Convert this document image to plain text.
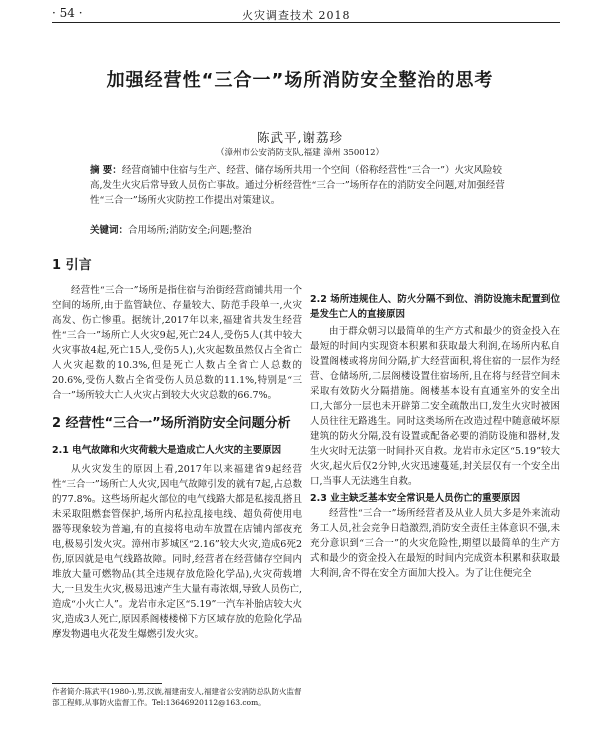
· 54 ·	火灾调查技术 2018
加强经营性“三合一”场所消防安全整治的思考
陈武平,谢荔珍
（漳州市公安消防支队,福建 漳州 350012）
摘 要：经营商铺中住宿与生产、经营、储存场所共用一个空间（俗称经营性“三合一”）火灾风险较高,发生火灾后常导致人员伤亡事故。通过分析经营性“三合一”场所存在的消防安全问题,对加强经营性“三合一”场所火灾防控工作提出对策建议。
关键词：合用场所;消防安全;问题;整治
1 引言

经营性“三合一”场所是指住宿与治街经营商铺共用一个空间的场所,由于监管缺位、存量较大、防范手段单一,火灾高发、伤亡惨重。据统计,2017年以来,福建省共发生经营性“三合一”场所亡人火灾9起,死亡24人,受伤5人(其中较大火灾事故4起,死亡15人,受伤5人),火灾起数虽然仅占全省亡人火灾起数的10.3%,但是死亡人数占全省亡人总数的20.6%,受伤人数占全省受伤人员总数的11.1%,特别是“三合一”场所较大亡人火灾占到较大火灾总数的66.7%。

2 经营性“三合一”场所消防安全问题分析
2.1 电气故障和火灾荷载大是造成亡人火灾的主要原因

从火灾发生的原因上看,2017年以来福建省9起经营性“三合一”场所亡人火灾,因电气故障引发的就有7起,占总数的77.8%。这些场所起火部位的电气线路大都是私接乱搭且未采取阻燃套管保护,场所内私拉乱接电线、超负荷使用电器等现象较为普遍,有的直接将电动车放置在店铺内部夜充电,极易引发火灾。漳州市芗城区“2.16”较大火灾,造成6死2伤,原因就是电气线路故障。同时,经营者在经营储存空间内堆放大量可燃物品(其全违规存放危险化学品),火灾荷载增大,一旦发生火灾,极易迅速产生大量有毒浓烟,导致人员伤亡,造成“小火亡人”。龙岩市永定区“5.19”一汽车补胎店较大火灾,造成3人死亡,原因系阁楼楼梯下方区域存放的危险化学品摩发物遇电火花发生爆燃引发火灾。

2.2 场所违规住人、防火分隔不到位、消防设施未配置到位是发生亡人的直接原因

由于群众朝习以最简单的生产方式和最少的资金投入在最短的时间内实现资本积累和获取最大利润,在场所内私自设置阁楼或将房间分隔,扩大经营面积,将住宿的一层作为经营、仓储场所,二层阁楼设置住宿场所,且在将与经营空间未采取有效防火分隔措施。阁楼基本设有直通室外的安全出口,大部分一层也未开辟第二安全疏散出口,发生火灾时被困人员往往无路逃生。同时这类场所在改造过程中随意破坏原建筑的防火分隔,没有设置或配备必要的消防设施和器材,发生火灾时无法第一时间扑灭自救。龙岩市永定区“5.19”较大火灾,起火后仅2分钟,火灾迅速蔓延,封关层仅有一个安全出口,当事人无法逃生自救。

2.3 业主缺乏基本安全常识是人员伤亡的重要原因

经营性“三合一”场所经营者及从业人员大多是外来流动务工人员,社会竞争日趋激烈,消防安全责任主体意识不强,未充分意识到“三合一”的火灾危险性,期望以最简单的生产方式和最少的资金投入在最短的时间内完成资本积累和获取最大利润,舍不得在安全方面加大投入。为了让住便完全

作者简介:陈武平(1980-),男,汉族,福建南安人,福建省公安消防总队防火监督部工程师,从事防火监督工作。Tel:13646920112@163.com。
